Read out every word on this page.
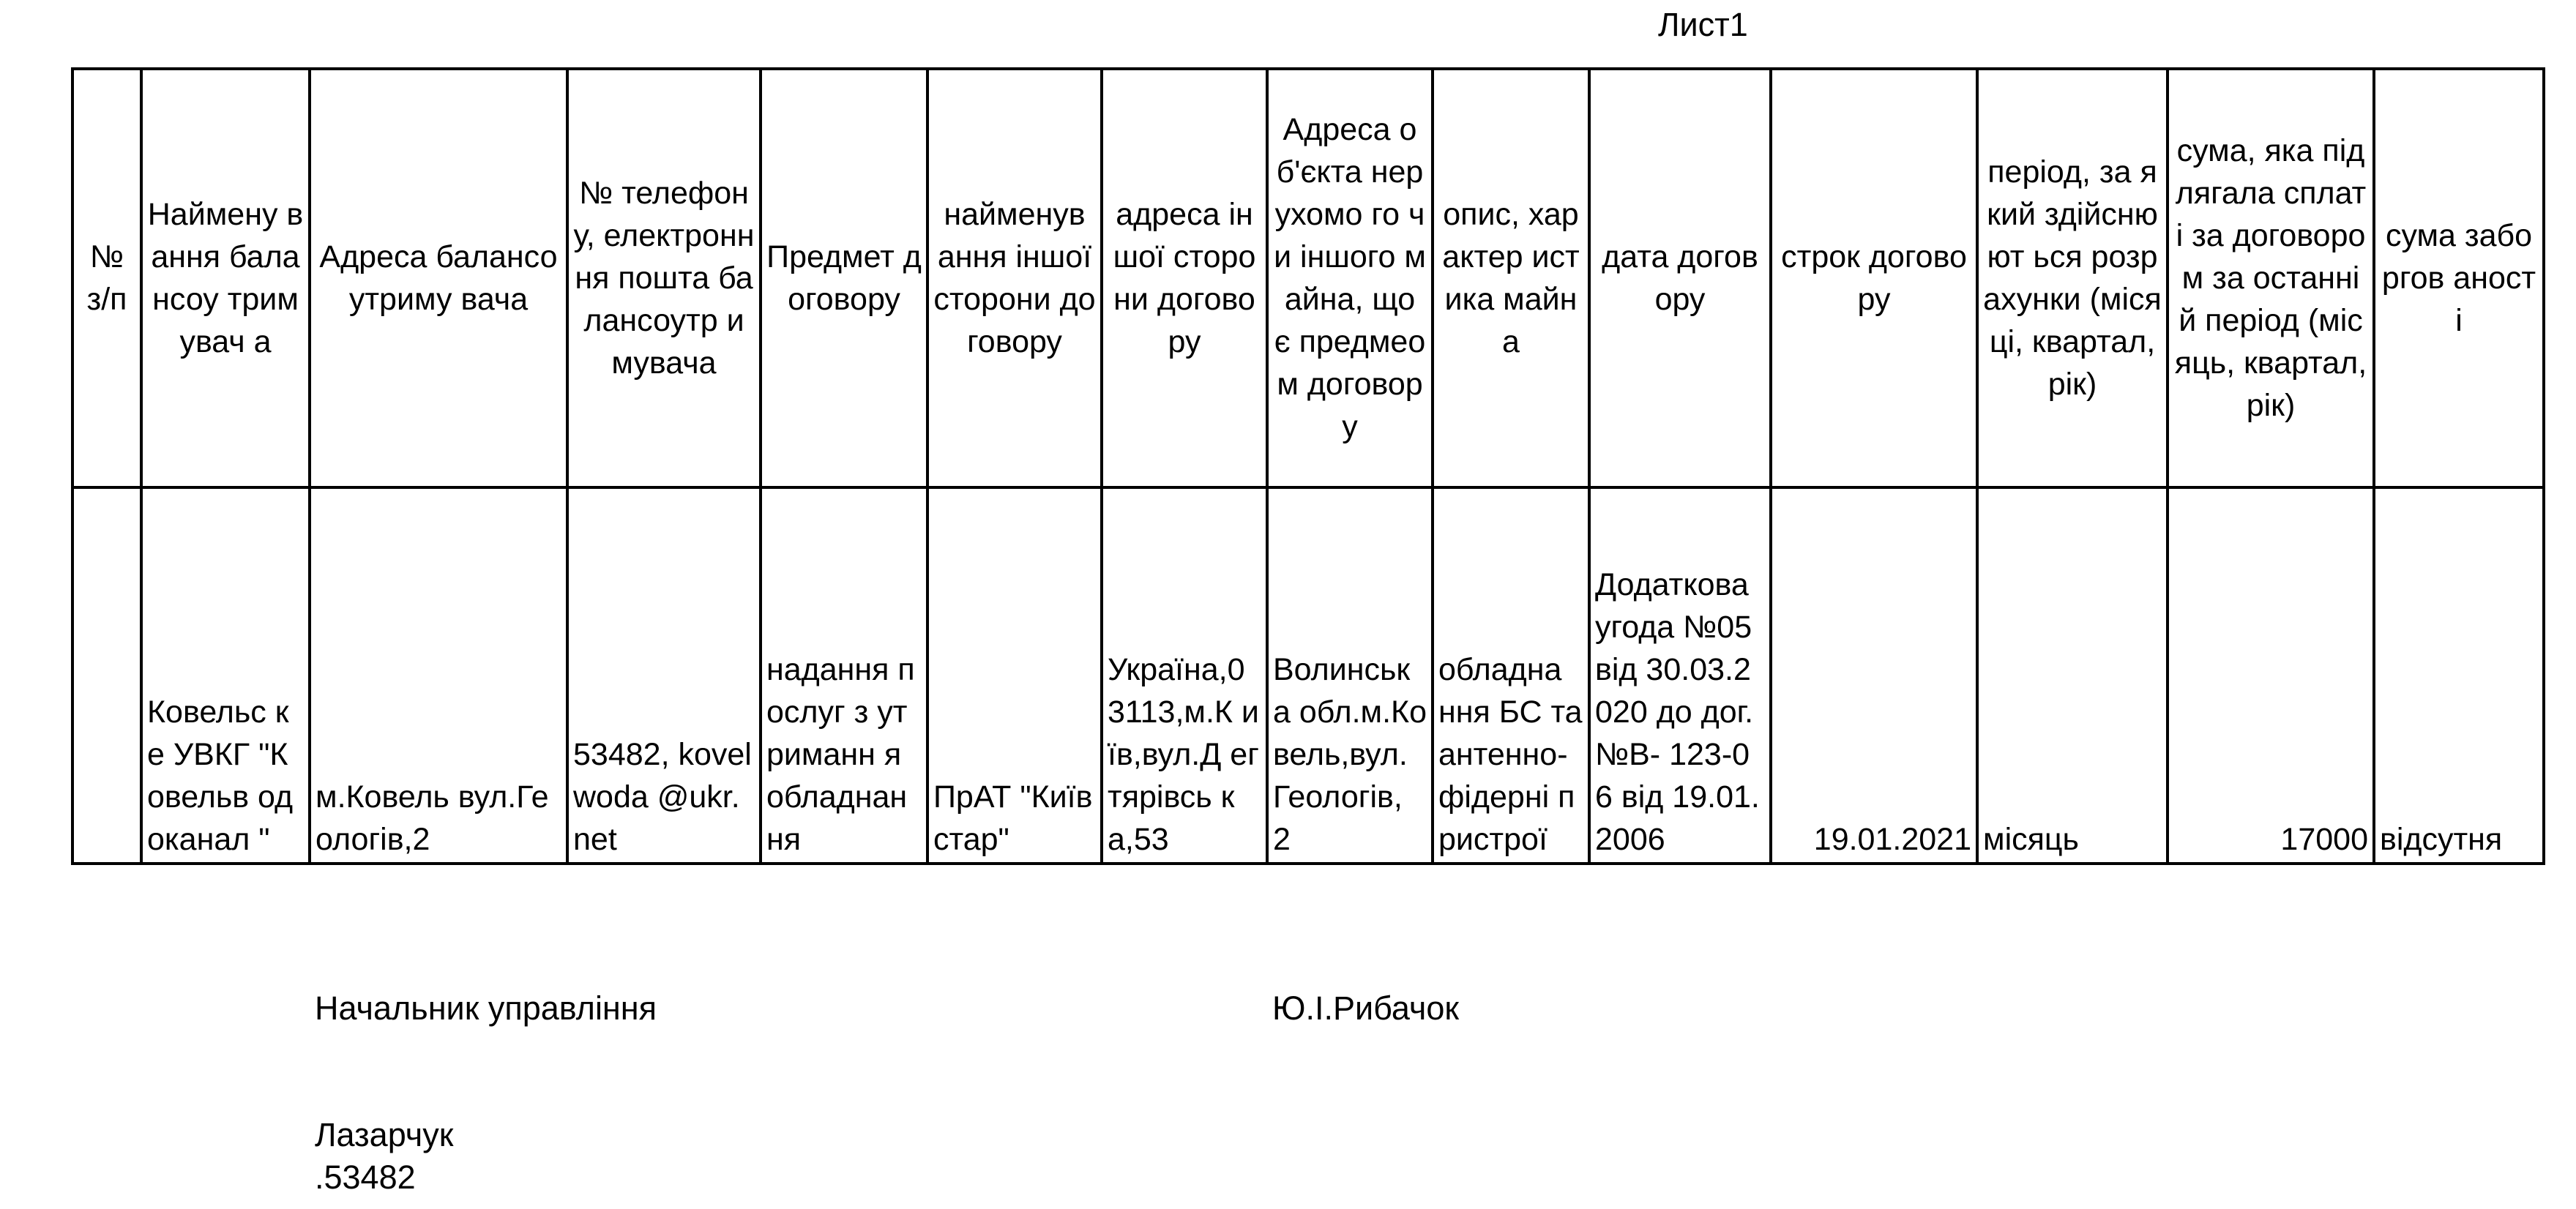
Лист1
№ з/п	Наймену вання балансоу тримувач а	Адреса балансоутриму вача	№ телефону, електронння пошта балансоутр имувача	Предмет договору	найменув ання іншої сторони договору	адреса іншої сторони договору	Адреса об'єкта нерухомо го чи іншого майна, що є предмео м договору	опис, характер истика майна	дата договору	строк договору	період, за який здійснюют ься розрахунки (місяці, квартал, рік)	сума, яка підлягала сплаті за договором за останній період (місяць, квартал, рік)	сума заборгов аності
	Ковельс ке УВКГ "Ковельв одоканал "	м.Ковель вул.Геологів,2	53482, kovelwoda @ukr.net	надання послуг з утриманн я обладнан ня	ПрАТ "Київстар"	Україна,0 3113,м.К иїв,вул.Д егтярівсь ка,53	Волинськ а обл.м.Ко вель,вул. Геологів, 2	обладна ння БС та антенно- фідерні пристрої	Додаткова угода №05 від 30.03.2020 до дог.№В- 123-06 від 19.01.2006	19.01.2021	місяць	17000	відсутня
Начальник управління	Ю.І.Рибачок
Лазарчук
.53482
